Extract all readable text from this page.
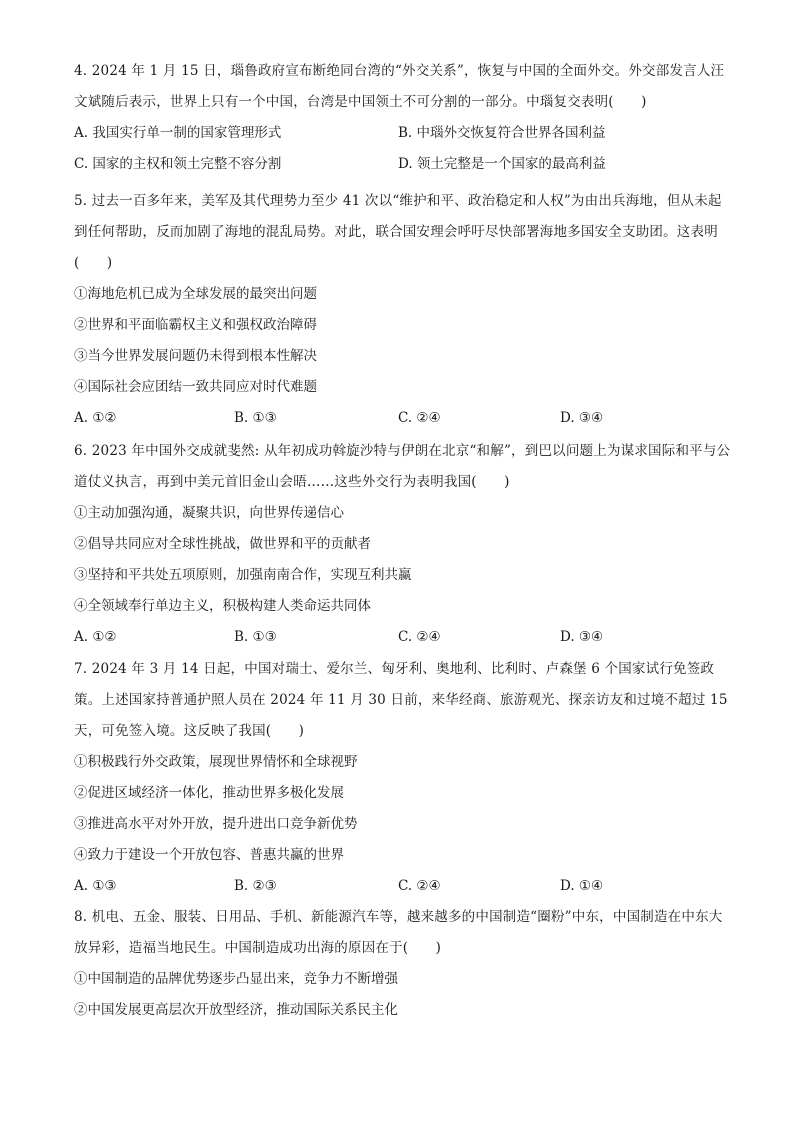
4. 2024 年 1 月 15 日，瑙鲁政府宣布断绝同台湾的“外交关系”，恢复与中国的全面外交。外交部发言人汪文斌随后表示，世界上只有一个中国，台湾是中国领土不可分割的一部分。中瑙复交表明(　　)

A. 我国实行单一制的国家管理形式	B. 中瑙外交恢复符合世界各国利益
C. 国家的主权和领土完整不容分割	D. 领土完整是一个国家的最高利益

5. 过去一百多年来，美军及其代理势力至少 41 次以“维护和平、政治稳定和人权”为由出兵海地，但从未起到任何帮助，反而加剧了海地的混乱局势。对此，联合国安理会呼吁尽快部署海地多国安全支助团。这表明(　　)

①海地危机已成为全球发展的最突出问题

②世界和平面临霸权主义和强权政治障碍

③当今世界发展问题仍未得到根本性解决

④国际社会应团结一致共同应对时代难题

A. ①②	B. ①③	C. ②④	D. ③④

6. 2023 年中国外交成就斐然: 从年初成功斡旋沙特与伊朗在北京“和解”，到巴以问题上为谋求国际和平与公道仗义执言，再到中美元首旧金山会晤……这些外交行为表明我国(　　)

①主动加强沟通，凝聚共识，向世界传递信心

②倡导共同应对全球性挑战，做世界和平的贡献者

③坚持和平共处五项原则，加强南南合作，实现互利共赢

④全领域奉行单边主义，积极构建人类命运共同体

A. ①②	B. ①③	C. ②④	D. ③④

7. 2024 年 3 月 14 日起，中国对瑞士、爱尔兰、匈牙利、奥地利、比利时、卢森堡 6 个国家试行免签政策。上述国家持普通护照人员在 2024 年 11 月 30 日前，来华经商、旅游观光、探亲访友和过境不超过 15 天，可免签入境。这反映了我国(　　)

①积极践行外交政策，展现世界情怀和全球视野

②促进区域经济一体化，推动世界多极化发展

③推进高水平对外开放，提升进出口竞争新优势

④致力于建设一个开放包容、普惠共赢的世界

A. ①③	B. ②③	C. ②④	D. ①④

8. 机电、五金、服装、日用品、手机、新能源汽车等，越来越多的中国制造“圈粉”中东，中国制造在中东大放异彩，造福当地民生。中国制造成功出海的原因在于(　　)

①中国制造的品牌优势逐步凸显出来，竞争力不断增强

②中国发展更高层次开放型经济，推动国际关系民主化
